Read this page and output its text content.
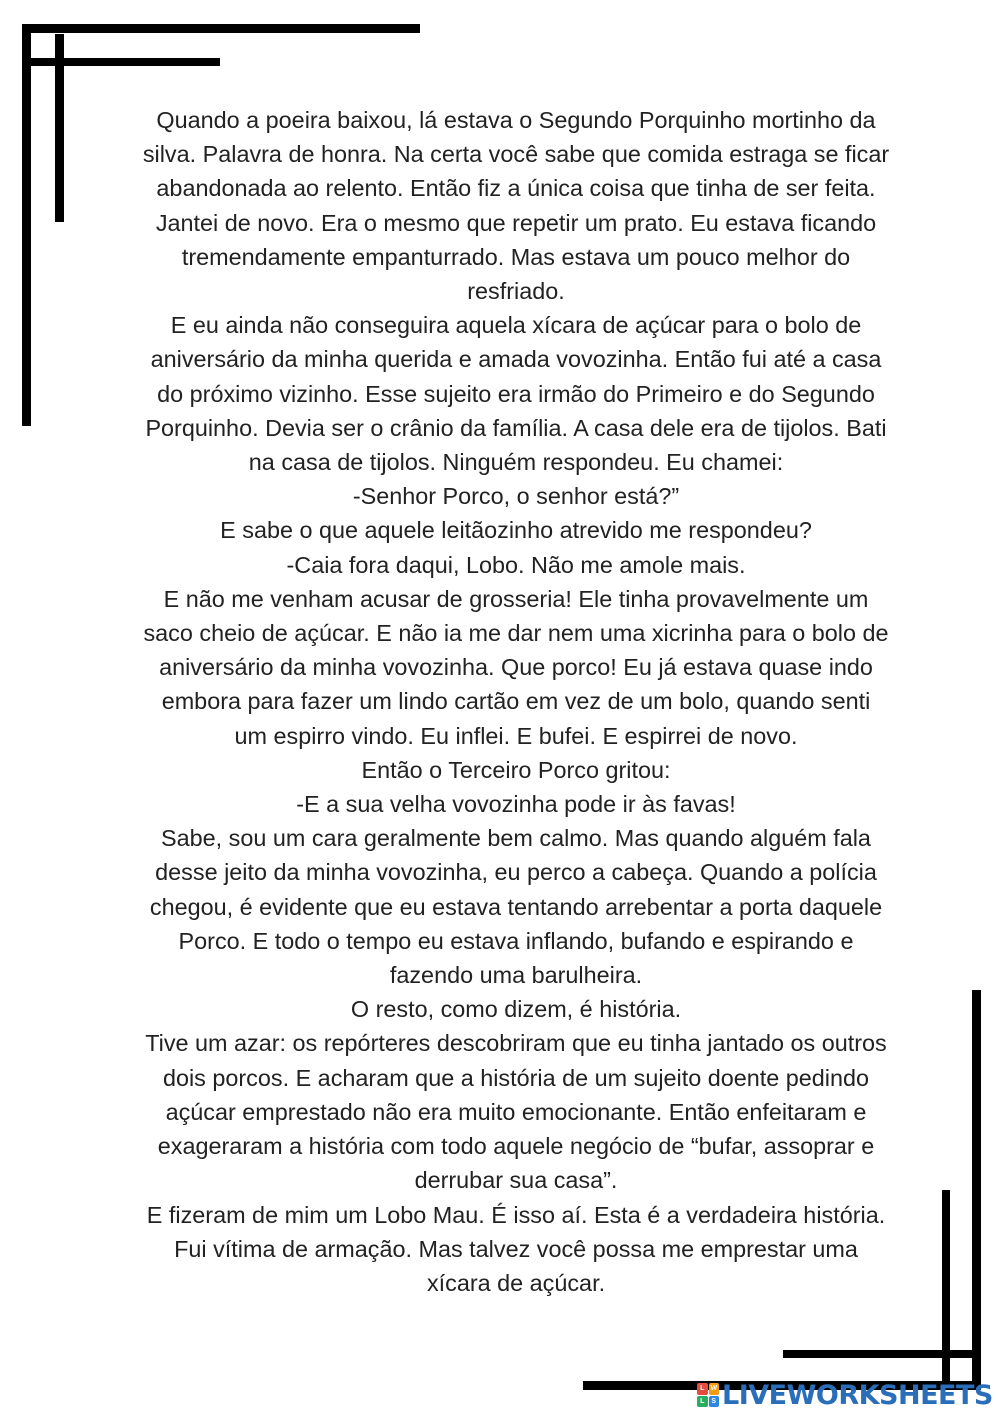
Quando a poeira baixou, lá estava o Segundo Porquinho mortinho da
silva. Palavra de honra. Na certa você sabe que comida estraga se ficar
abandonada ao relento. Então fiz a única coisa que tinha de ser feita.
Jantei de novo. Era o mesmo que repetir um prato. Eu estava ficando
tremendamente empanturrado. Mas estava um pouco melhor do
resfriado.
E eu ainda não conseguira aquela xícara de açúcar para o bolo de
aniversário da minha querida e amada vovozinha. Então fui até a casa
do próximo vizinho. Esse sujeito era irmão do Primeiro e do Segundo
Porquinho. Devia ser o crânio da família. A casa dele era de tijolos. Bati
na casa de tijolos. Ninguém respondeu. Eu chamei:
-Senhor Porco, o senhor está?”
E sabe o que aquele leitãozinho atrevido me respondeu?
-Caia fora daqui, Lobo. Não me amole mais.
E não me venham acusar de grosseria! Ele tinha provavelmente um
saco cheio de açúcar. E não ia me dar nem uma xicrinha para o bolo de
aniversário da minha vovozinha. Que porco! Eu já estava quase indo
embora para fazer um lindo cartão em vez de um bolo, quando senti
um espirro vindo. Eu inflei. E bufei. E espirrei de novo.
Então o Terceiro Porco gritou:
-E a sua velha vovozinha pode ir às favas!
Sabe, sou um cara geralmente bem calmo. Mas quando alguém fala
desse jeito da minha vovozinha, eu perco a cabeça. Quando a polícia
chegou, é evidente que eu estava tentando arrebentar a porta daquele
Porco. E todo o tempo eu estava inflando, bufando e espirando e
fazendo uma barulheira.
O resto, como dizem, é história.
Tive um azar: os repórteres descobriram que eu tinha jantado os outros
dois porcos. E acharam que a história de um sujeito doente pedindo
açúcar emprestado não era muito emocionante. Então enfeitaram e
exageraram a história com todo aquele negócio de “bufar, assoprar e
derrubar sua casa”.
E fizeram de mim um Lobo Mau. É isso aí. Esta é a verdadeira história.
Fui vítima de armação. Mas talvez você possa me emprestar uma
xícara de açúcar.
L W
L	S LIVEWORKSHEETS
